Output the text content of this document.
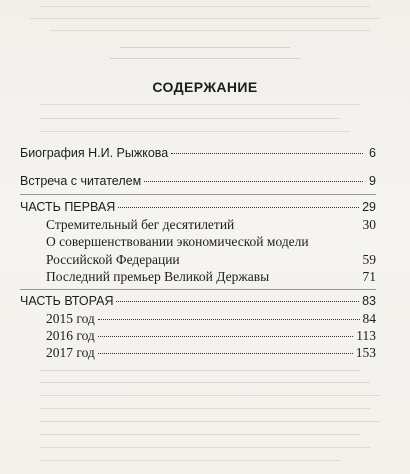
СОДЕРЖАНИЕ
Биография Н.И. Рыжкова	6
Встреча с читателем	9
ЧАСТЬ ПЕРВАЯ	29
Стремительный бег десятилетий	30
О совершенствовании экономической модели
Российской Федерации	59
Последний премьер Великой Державы	71
ЧАСТЬ ВТОРАЯ	83
2015 год	84
2016 год	113
2017 год	153
